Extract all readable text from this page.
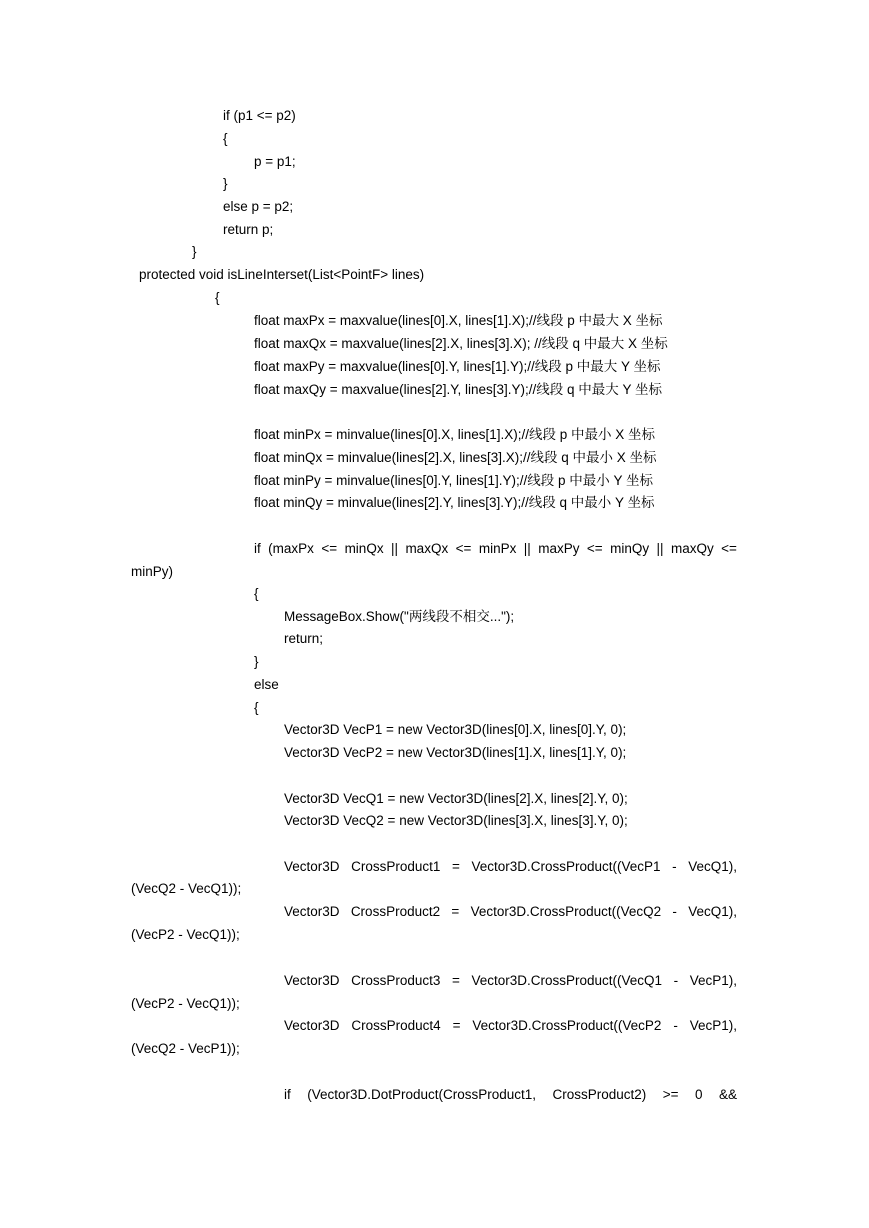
if (p1 <= p2)
{
p = p1;
}
else p = p2;
return p;
}
protected void isLineInterset(List<PointF> lines)
{
float maxPx = maxvalue(lines[0].X, lines[1].X);//线段 p 中最大 X 坐标
float maxQx = maxvalue(lines[2].X, lines[3].X); //线段 q 中最大 X 坐标
float maxPy = maxvalue(lines[0].Y, lines[1].Y);//线段 p 中最大 Y 坐标
float maxQy = maxvalue(lines[2].Y, lines[3].Y);//线段 q 中最大 Y 坐标
float minPx = minvalue(lines[0].X, lines[1].X);//线段 p 中最小 X 坐标
float minQx = minvalue(lines[2].X, lines[3].X);//线段 q 中最小 X 坐标
float minPy = minvalue(lines[0].Y, lines[1].Y);//线段 p 中最小 Y 坐标
float minQy = minvalue(lines[2].Y, lines[3].Y);//线段 q 中最小 Y 坐标
if (maxPx <= minQx || maxQx <= minPx || maxPy <= minQy || maxQy <=
minPy)
{
MessageBox.Show("两线段不相交...");
return;
}
else
{
Vector3D VecP1 = new Vector3D(lines[0].X, lines[0].Y, 0);
Vector3D VecP2 = new Vector3D(lines[1].X, lines[1].Y, 0);
Vector3D VecQ1 = new Vector3D(lines[2].X, lines[2].Y, 0);
Vector3D VecQ2 = new Vector3D(lines[3].X, lines[3].Y, 0);
Vector3D CrossProduct1 = Vector3D.CrossProduct((VecP1 - VecQ1),
(VecQ2 - VecQ1));
Vector3D CrossProduct2 = Vector3D.CrossProduct((VecQ2 - VecQ1),
(VecP2 - VecQ1));
Vector3D CrossProduct3 = Vector3D.CrossProduct((VecQ1 - VecP1),
(VecP2 - VecQ1));
Vector3D CrossProduct4 = Vector3D.CrossProduct((VecP2 - VecP1),
(VecQ2 - VecP1));
if (Vector3D.DotProduct(CrossProduct1, CrossProduct2) >= 0 &&
